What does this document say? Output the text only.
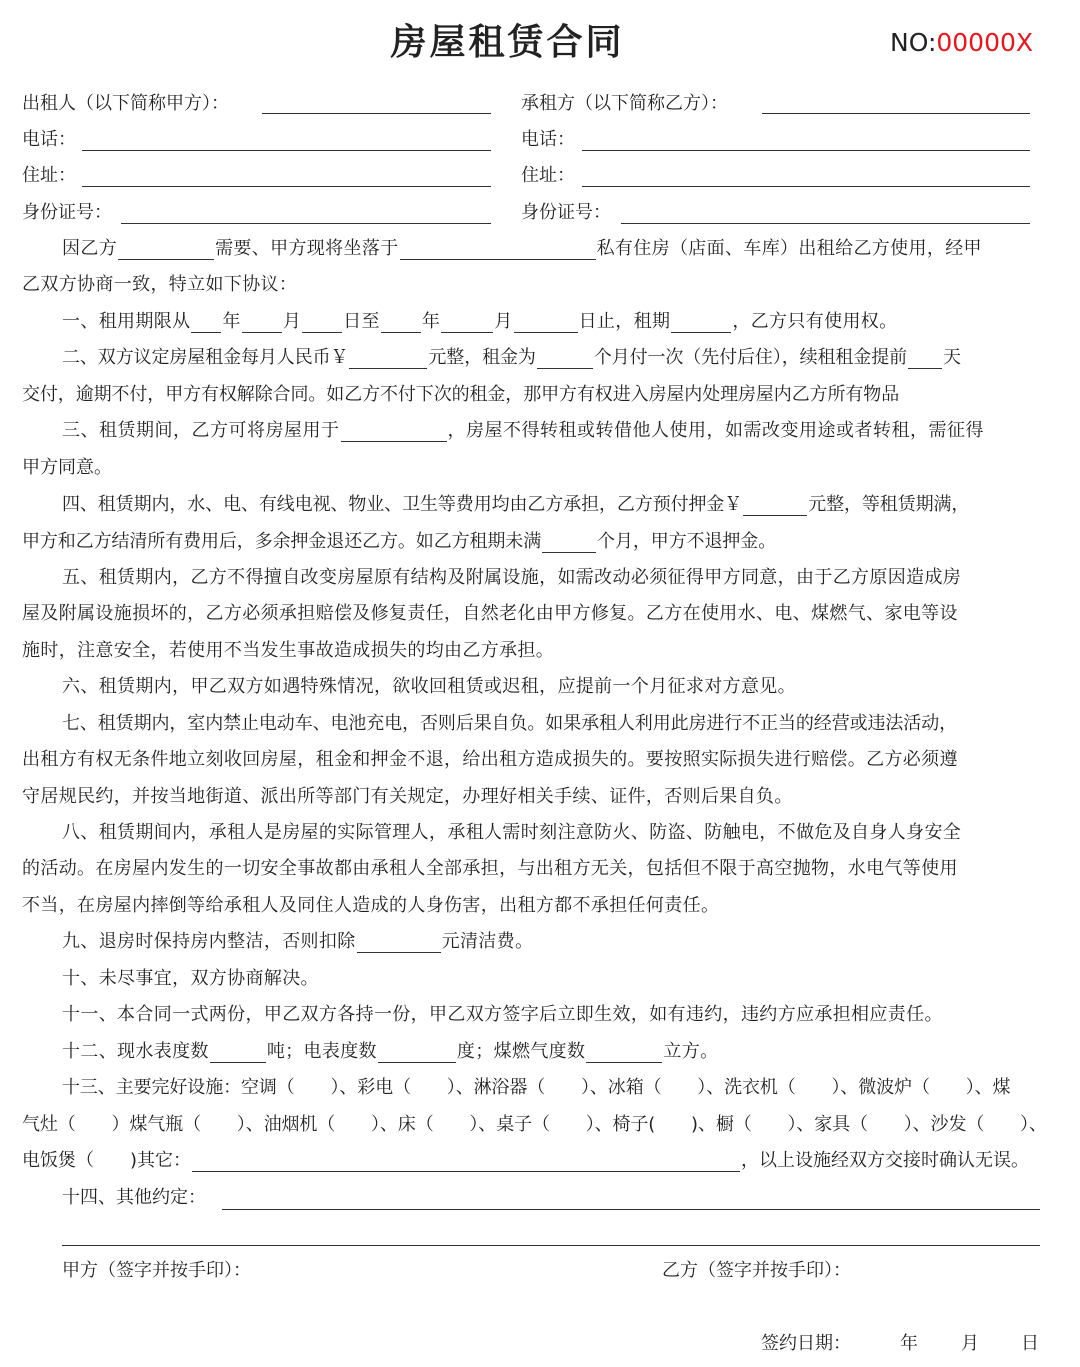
房屋租赁合同	NO:00000X
出租人（以下简称甲方）：	承租方（以下简称乙方）：
电话：	电话：
住址：	住址：
身份证号：	身份证号：
因乙方	需要、甲方现将坐落于	私有住房（店面、车库）出租给乙方使用，经甲
乙双方协商一致，特立如下协议：
一、租用期限从 年 月 日至 年	月	日止，租期	，乙方只有使用权。
二、双方议定房屋租金每月人民币￥	元整，租金为	个月付一次（先付后住），续租租金提前 天
交付，逾期不付，甲方有权解除合同。如乙方不付下次的租金，那甲方有权进入房屋内处理房屋内乙方所有物品
三、租赁期间，乙方可将房屋用于	，房屋不得转租或转借他人使用，如需改变用途或者转租，需征得
甲方同意。
四、租赁期内，水、电、有线电视、物业、卫生等费用均由乙方承担，乙方预付押金￥	元整，等租赁期满，
甲方和乙方结清所有费用后，多余押金退还乙方。如乙方租期未满	个月，甲方不退押金。
五、租赁期内，乙方不得擅自改变房屋原有结构及附属设施，如需改动必须征得甲方同意，由于乙方原因造成房
屋及附属设施损坏的，乙方必须承担赔偿及修复责任，自然老化由甲方修复。乙方在使用水、电、煤燃气、家电等设
施时，注意安全，若使用不当发生事故造成损失的均由乙方承担。
六、租赁期内，甲乙双方如遇特殊情况，欲收回租赁或迟租，应提前一个月征求对方意见。
七、租赁期内，室内禁止电动车、电池充电，否则后果自负。如果承租人利用此房进行不正当的经营或违法活动，
出租方有权无条件地立刻收回房屋，租金和押金不退，给出租方造成损失的。要按照实际损失进行赔偿。乙方必须遵
守居规民约，并按当地街道、派出所等部门有关规定，办理好相关手续、证件，否则后果自负。
八、租赁期间内，承租人是房屋的实际管理人，承租人需时刻注意防火、防盗、防触电，不做危及自身人身安全
的活动。在房屋内发生的一切安全事故都由承租人全部承担，与出租方无关，包括但不限于高空抛物，水电气等使用
不当，在房屋内摔倒等给承租人及同住人造成的人身伤害，出租方都不承担任何责任。
九、退房时保持房内整洁，否则扣除	元清洁费。
十、未尽事宜，双方协商解决。
十一、本合同一式两份，甲乙双方各持一份，甲乙双方签字后立即生效，如有违约，违约方应承担相应责任。
十二、现水表度数	吨；电表度数	度；煤燃气度数	立方。
十三、主要完好设施：空调（　　）、彩电（　　）、淋浴器（　　）、冰箱（　　）、洗衣机（　　）、微波炉（　　）、煤
气灶（　　）煤气瓶（　　）、油烟机（　　）、床（　　）、桌子（　　）、椅子(　　)、橱（　　）、家具（　　）、沙发（　　）、
电饭煲（　　)其它：	，以上设施经双方交接时确认无误。
十四、其他约定：
甲方（签字并按手印）：	乙方（签字并按手印）：
签约日期：	年 月 日
